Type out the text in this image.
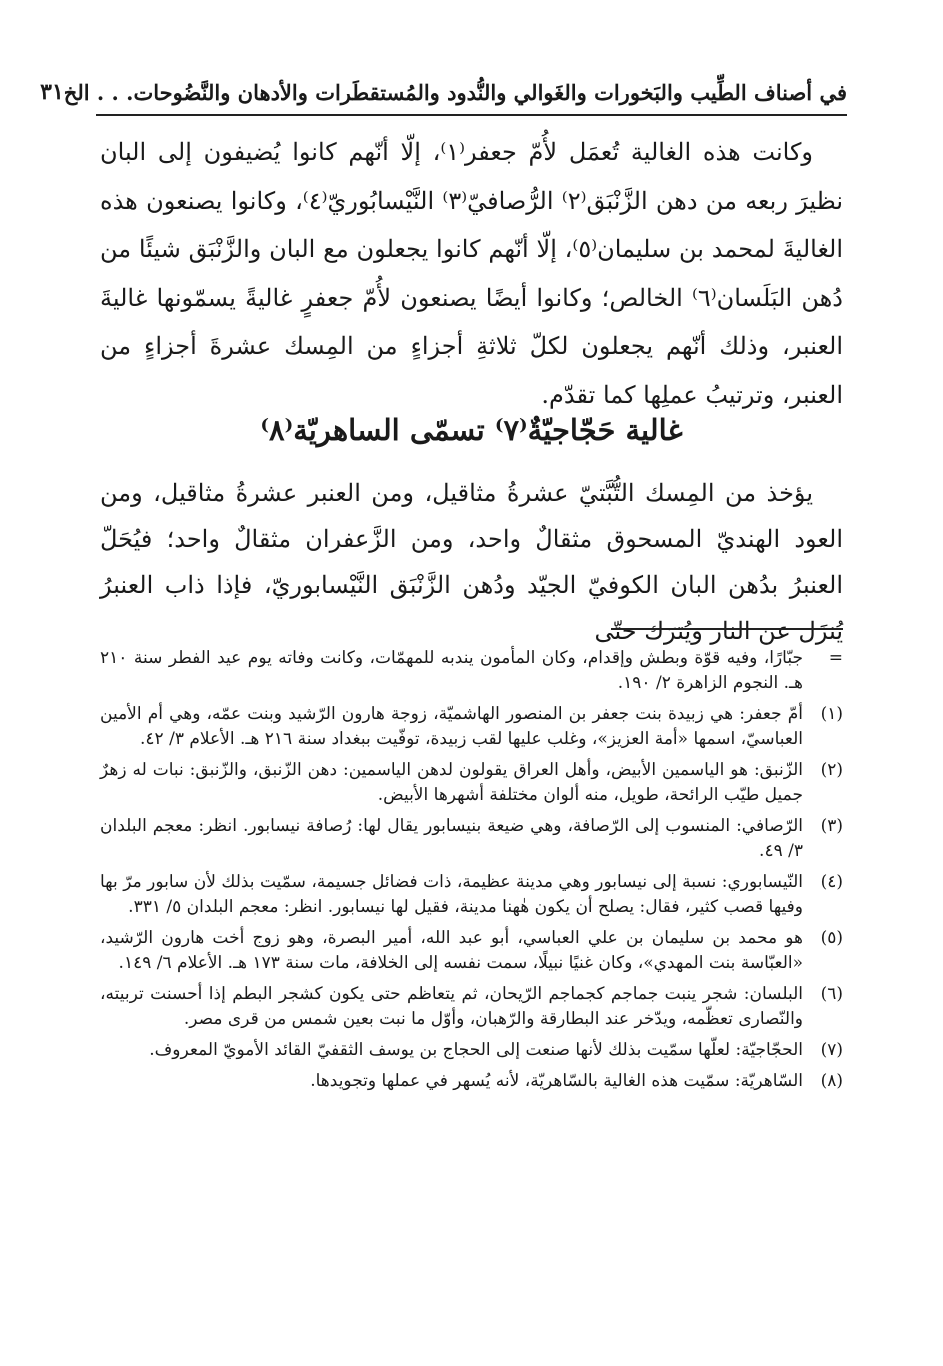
في أصناف الطِّيب والبَخورات والغَوالي والنُّدود والمُستقطَرات والأدهان والنَّضُوحات. . . الخ
٣١

وكانت هذه الغالية تُعمَل لأُمّ جعفر⁽١⁾، إلّا أنّهم كانوا يُضيفون إلى البان نظيرَ ربعه من دهن الزَّنْبَق⁽٢⁾ الرُّصافيّ⁽٣⁾ النَّيْسابُوريّ⁽٤⁾، وكانوا يصنعون هذه الغاليةَ لمحمد بن سليمان⁽٥⁾، إلّا أنّهم كانوا يجعلون مع البان والزَّنْبَق شيئًا من دُهن البَلَسان⁽٦⁾ الخالص؛ وكانوا أيضًا يصنعون لأُمّ جعفرٍ غاليةً يسمّونها غاليةَ العنبر، وذلك أنّهم يجعلون لكلّ ثلاثةِ أجزاءٍ من المِسك عشرةَ أجزاءٍ من العنبر، وترتيبُ عملِها كما تقدّم.

غالية حَجّاجيّةٌ⁽٧⁾ تسمّى الساهريّة⁽٨⁾

يؤخذ من المِسك التُّبَّتيّ عشرةُ مثاقيل، ومن العنبر عشرةُ مثاقيل، ومن العود الهنديّ المسحوق مثقالٌ واحد، ومن الزَّعفران مثقالٌ واحد؛ فيُحَلّ العنبرُ بدُهن البان الكوفيّ الجيّد ودُهن الزَّنْبَق النَّيْسابوريّ، فإذا ذاب العنبرُ يُنزَل عن النار ويُترَك حتّى

=
جبّارًا، وفيه قوّة وبطش وإقدام، وكان المأمون يندبه للمهمّات، وكانت وفاته يوم عيد الفطر سنة ٢١٠ هـ. النجوم الزاهرة ٢/ ١٩٠.
(١)
أمّ جعفر: هي زبيدة بنت جعفر بن المنصور الهاشميّة، زوجة هارون الرّشيد وبنت عمّه، وهي أم الأمين العباسيّ، اسمها «أمة العزيز»، وغلب عليها لقب زبيدة، توفّيت ببغداد سنة ٢١٦ هـ. الأعلام ٣/ ٤٢.
(٢)
الزّنبق: هو الياسمين الأبيض، وأهل العراق يقولون لدهن الياسمين: دهن الزّنبق، والزّنبق: نبات له زهرٌ جميل طيّب الرائحة، طويل، منه ألوان مختلفة أشهرها الأبيض.
(٣)
الرّصافي: المنسوب إلى الرّصافة، وهي ضيعة بنيسابور يقال لها: رُصافة نيسابور. انظر: معجم البلدان ٣/ ٤٩.
(٤)
النّيسابوري: نسبة إلى نيسابور وهي مدينة عظيمة، ذات فضائل جسيمة، سمّيت بذلك لأن سابور مرّ بها وفيها قصب كثير، فقال: يصلح أن يكون هٰهنا مدينة، فقيل لها نيسابور. انظر: معجم البلدان ٥/ ٣٣١.
(٥)
هو محمد بن سليمان بن علي العباسي، أبو عبد الله، أمير البصرة، وهو زوج أخت هارون الرّشيد، «العبّاسة بنت المهدي»، وكان غنيًا نبيلًا، سمت نفسه إلى الخلافة، مات سنة ١٧٣ هـ. الأعلام ٦/ ١٤٩.
(٦)
البلسان: شجر ينبت جماجم كجماجم الرّيحان، ثم يتعاظم حتى يكون كشجر البطم إذا أحسنت تربيته، والنّصارى تعظّمه، ويدّخر عند البطارقة والرّهبان، وأوّل ما نبت بعين شمس من قرى مصر.
(٧)
الحجّاجيّة: لعلّها سمّيت بذلك لأنها صنعت إلى الحجاج بن يوسف الثقفيّ القائد الأمويّ المعروف.
(٨)
السّاهريّة: سمّيت هذه الغالية بالسّاهريّة، لأنه يُسهر في عملها وتجويدها.
